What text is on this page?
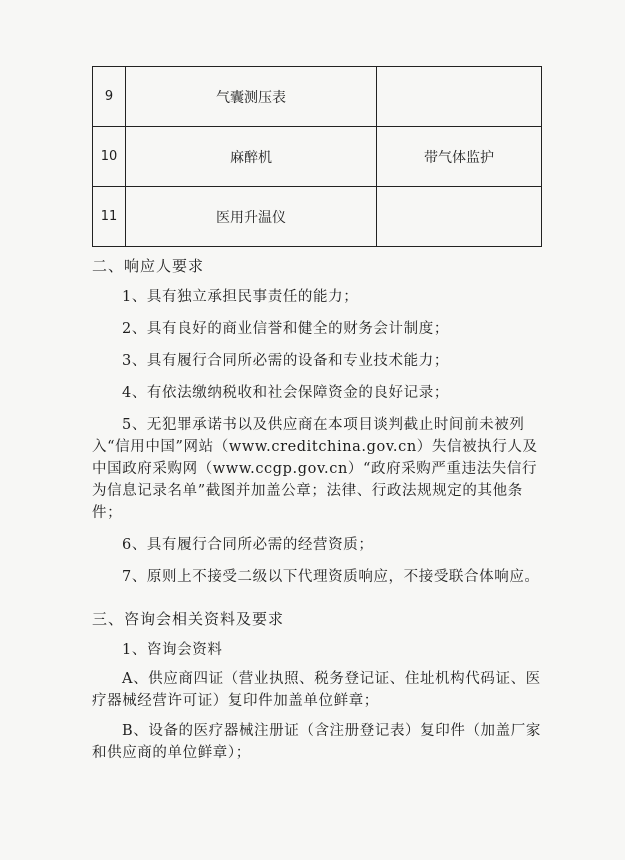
9	气囊测压表	
10	麻醉机	带气体监护
11	医用升温仪	
二、响应人要求

1、具有独立承担民事责任的能力；

2、具有良好的商业信誉和健全的财务会计制度；

3、具有履行合同所必需的设备和专业技术能力；

4、有依法缴纳税收和社会保障资金的良好记录；

5、无犯罪承诺书以及供应商在本项目谈判截止时间前未被列入“信用中国”网站（www.creditchina.gov.cn）失信被执行人及中国政府采购网（www.ccgp.gov.cn）“政府采购严重违法失信行为信息记录名单”截图并加盖公章；法律、行政法规规定的其他条件；

6、具有履行合同所必需的经营资质；

7、原则上不接受二级以下代理资质响应，不接受联合体响应。

三、咨询会相关资料及要求
1、咨询会资料

A、供应商四证（营业执照、税务登记证、住址机构代码证、医疗器械经营许可证）复印件加盖单位鲜章；

B、设备的医疗器械注册证（含注册登记表）复印件（加盖厂家和供应商的单位鲜章）；
